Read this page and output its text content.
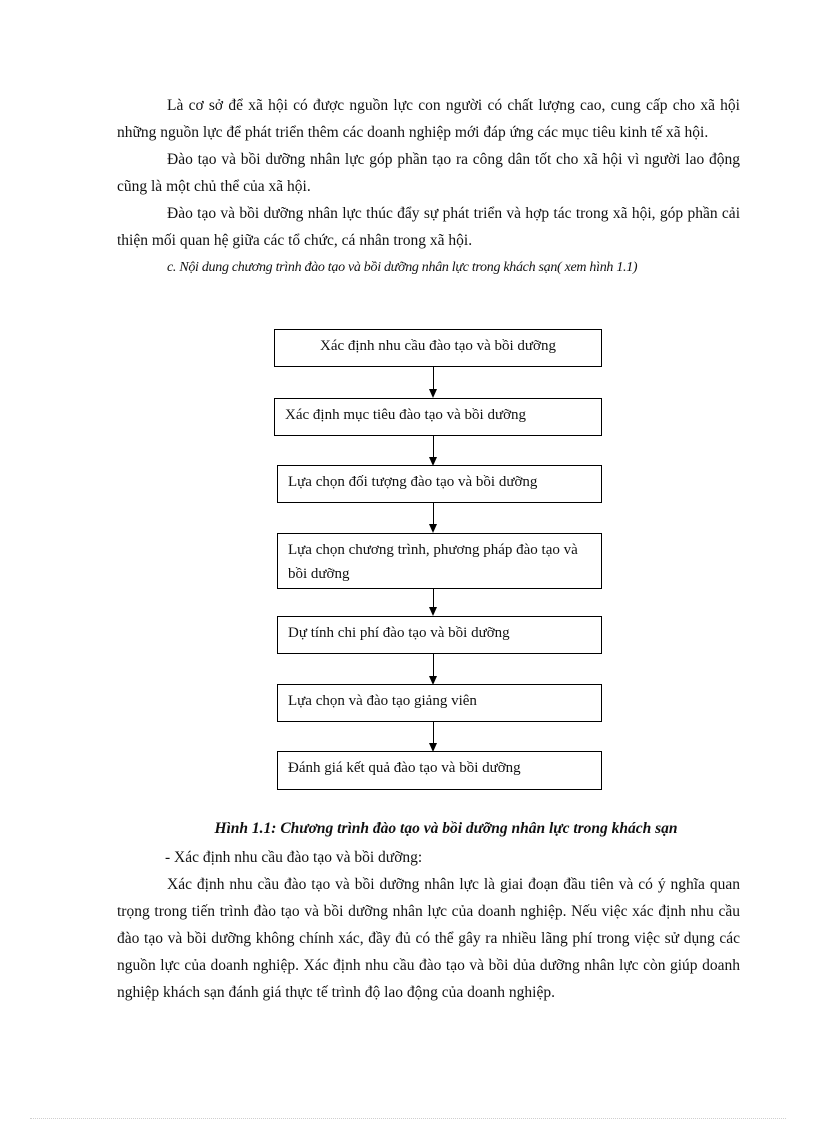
Là cơ sở để xã hội có được nguồn lực con người có chất lượng cao, cung cấp cho xã hội những nguồn lực để phát triển thêm các doanh nghiệp mới đáp ứng các mục tiêu kinh tế xã hội.

Đào tạo và bồi dưỡng nhân lực góp phần tạo ra công dân tốt cho xã hội vì người lao động cũng là một chủ thể của xã hội.

Đào tạo và bồi dưỡng nhân lực thúc đẩy sự phát triển và hợp tác trong xã hội, góp phần cải thiện mối quan hệ giữa các tổ chức, cá nhân trong xã hội.

c. Nội dung chương trình đào tạo và bồi dưỡng nhân lực trong khách sạn( xem hình 1.1)

Xác định nhu cầu đào tạo và bồi dưỡng
Xác định mục tiêu đào tạo và bồi dưỡng
Lựa chọn đối tượng đào tạo và bồi dưỡng
Lựa chọn chương trình, phương pháp đào tạo và bồi dưỡng
Dự tính chi phí đào tạo và bồi dưỡng
Lựa chọn và đào tạo giảng viên
Đánh giá kết quả đào tạo và bồi dưỡng
Hình 1.1: Chương trình đào tạo và bồi dưỡng nhân lực trong khách sạn

- Xác định nhu cầu đào tạo và bồi dưỡng:

Xác định nhu cầu đào tạo và bồi dưỡng nhân lực là giai đoạn đầu tiên và có ý nghĩa quan trọng trong tiến trình đào tạo và bồi dưỡng nhân lực của doanh nghiệp. Nếu việc xác định nhu cầu đào tạo và bồi dưỡng không chính xác, đầy đủ có thể gây ra nhiều lãng phí trong việc sử dụng các nguồn lực của doanh nghiệp. Xác định nhu cầu đào tạo và bồi dủa dưỡng nhân lực còn giúp doanh nghiệp khách sạn đánh giá thực tế trình độ lao động của doanh nghiệp.
